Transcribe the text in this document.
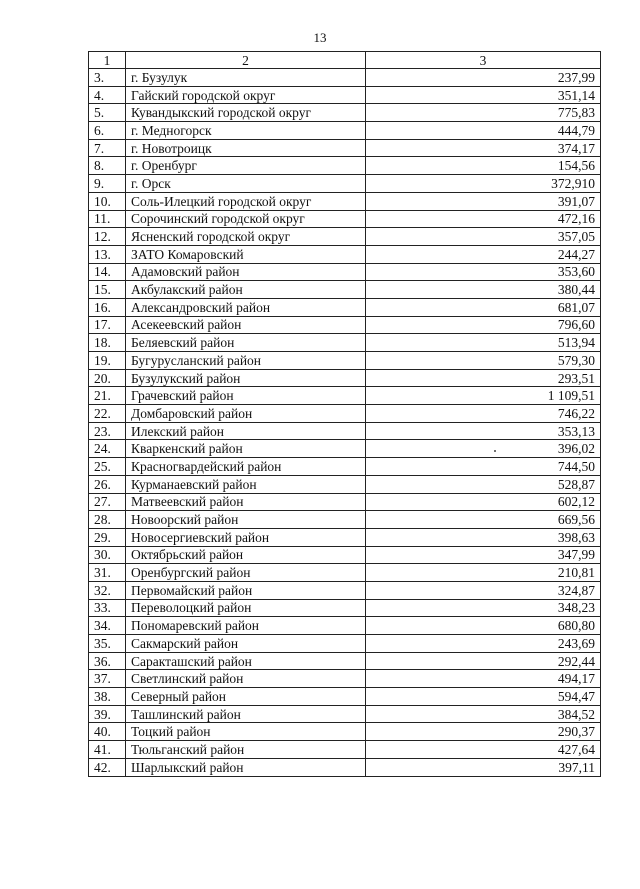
13
1	2	3
3.	г. Бузулук	237,99
4.	Гайский городской округ	351,14
5.	Кувандыкский городской округ	775,83
6.	г. Медногорск	444,79
7.	г. Новотроицк	374,17
8.	г. Оренбург	154,56
9.	г. Орск	372,910
10.	Соль-Илецкий городской округ	391,07
11.	Сорочинский городской округ	472,16
12.	Ясненский городской округ	357,05
13.	ЗАТО Комаровский	244,27
14.	Адамовский район	353,60
15.	Акбулакский район	380,44
16.	Александровский район	681,07
17.	Асекеевский район	796,60
18.	Беляевский район	513,94
19.	Бугурусланский район	579,30
20.	Бузулукский район	293,51
21.	Грачевский район	1 109,51
22.	Домбаровский район	746,22
23.	Илекский район	353,13
24.	Кваркенский район	396,02
25.	Красногвардейский район	744,50
26.	Курманаевский район	528,87
27.	Матвеевский район	602,12
28.	Новоорский район	669,56
29.	Новосергиевский район	398,63
30.	Октябрьский район	347,99
31.	Оренбургский район	210,81
32.	Первомайский район	324,87
33.	Переволоцкий район	348,23
34.	Пономаревский район	680,80
35.	Сакмарский район	243,69
36.	Саракташский район	292,44
37.	Светлинский район	494,17
38.	Северный район	594,47
39.	Ташлинский район	384,52
40.	Тоцкий район	290,37
41.	Тюльганский район	427,64
42.	Шарлыкский район	397,11
